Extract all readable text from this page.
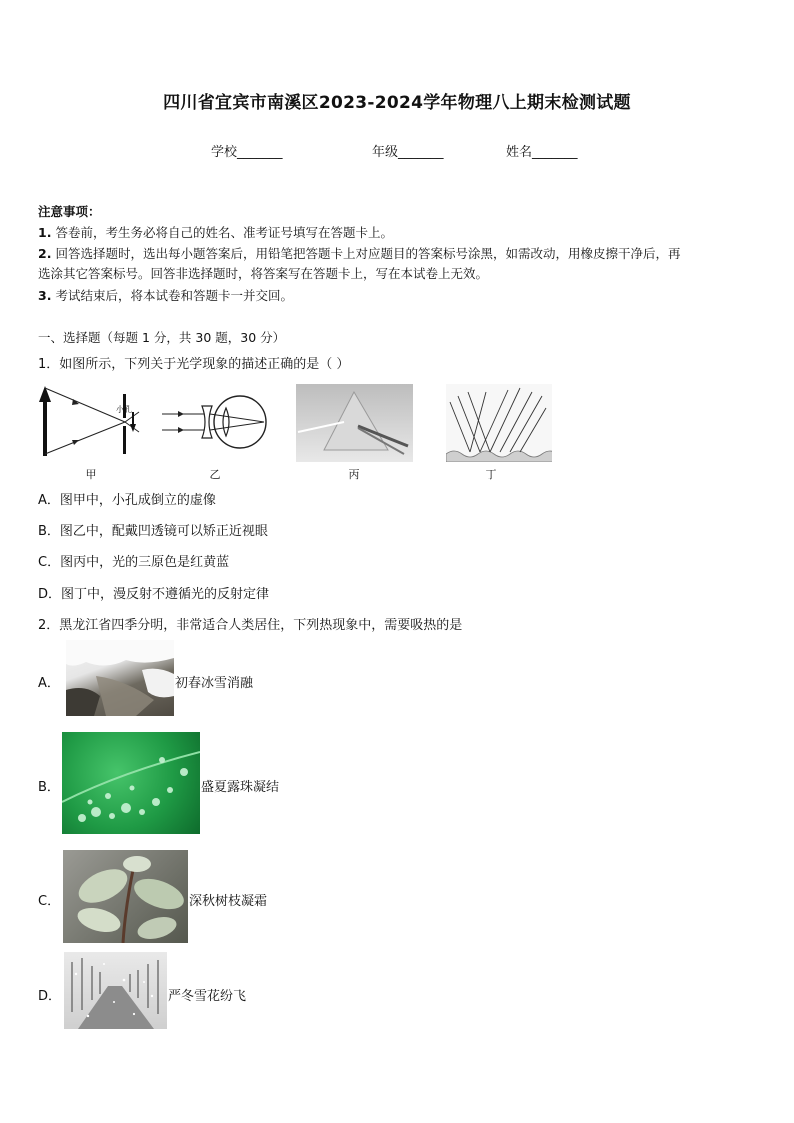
四川省宜宾市南溪区2023-2024学年物理八上期末检测试题
学校_______	年级_______	姓名_______
注意事项：
1. 答卷前，考生务必将自己的姓名、准考证号填写在答题卡上。
2. 回答选择题时，选出每小题答案后，用铅笔把答题卡上对应题目的答案标号涂黑，如需改动，用橡皮擦干净后，再
选涂其它答案标号。回答非选择题时，将答案写在答题卡上，写在本试卷上无效。
3. 考试结束后，将本试卷和答题卡一并交回。
一、选择题（每题 1 分，共 30 题，30 分）
1．如图所示，下列关于光学现象的描述正确的是（ ）
小孔
甲	乙	丙	丁
A．图甲中，小孔成倒立的虚像
B．图乙中，配戴凹透镜可以矫正近视眼
C．图丙中，光的三原色是红黄蓝
D．图丁中，漫反射不遵循光的反射定律
2．黑龙江省四季分明，非常适合人类居住，下列热现象中，需要吸热的是
A．	初春冰雪消融
B．	盛夏露珠凝结
C．	深秋树枝凝霜
D．	严冬雪花纷飞
